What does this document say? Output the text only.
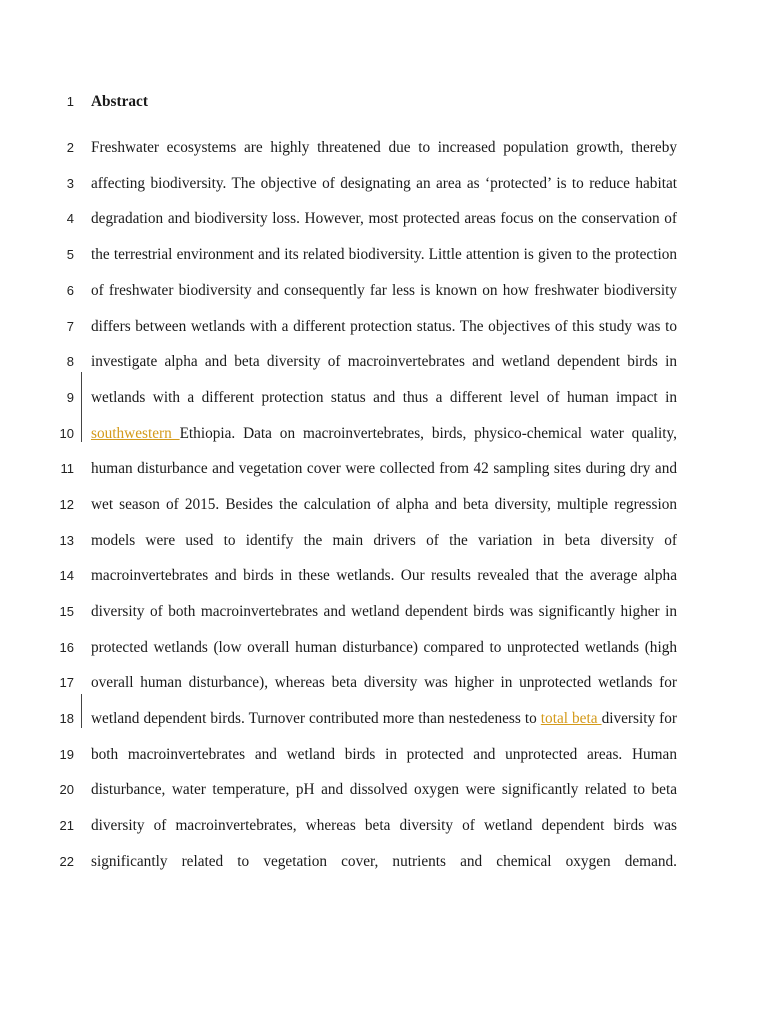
1 Abstract
2 Freshwater ecosystems are highly threatened due to increased population growth, thereby
3 affecting biodiversity. The objective of designating an area as ‘protected’ is to reduce habitat
4 degradation and biodiversity loss. However, most protected areas focus on the conservation of
5 the terrestrial environment and its related biodiversity. Little attention is given to the protection
6 of freshwater biodiversity and consequently far less is known on how freshwater biodiversity
7 differs between wetlands with a different protection status. The objectives of this study was to
8 investigate alpha and beta diversity of macroinvertebrates and wetland dependent birds in
9 wetlands with a different protection status and thus a different level of human impact in
10 southwestern Ethiopia. Data on macroinvertebrates, birds, physico-chemical water quality,
11 human disturbance and vegetation cover were collected from 42 sampling sites during dry and
12 wet season of 2015. Besides the calculation of alpha and beta diversity, multiple regression
13 models were used to identify the main drivers of the variation in beta diversity of
14 macroinvertebrates and birds in these wetlands. Our results revealed that the average alpha
15 diversity of both macroinvertebrates and wetland dependent birds was significantly higher in
16 protected wetlands (low overall human disturbance) compared to unprotected wetlands (high
17 overall human disturbance), whereas beta diversity was higher in unprotected wetlands for
18 wetland dependent birds. Turnover contributed more than nestedeness to total beta diversity for
19 both macroinvertebrates and wetland birds in protected and unprotected areas. Human
20 disturbance, water temperature, pH and dissolved oxygen were significantly related to beta
21 diversity of macroinvertebrates, whereas beta diversity of wetland dependent birds was
22 significantly related to vegetation cover, nutrients and chemical oxygen demand.
